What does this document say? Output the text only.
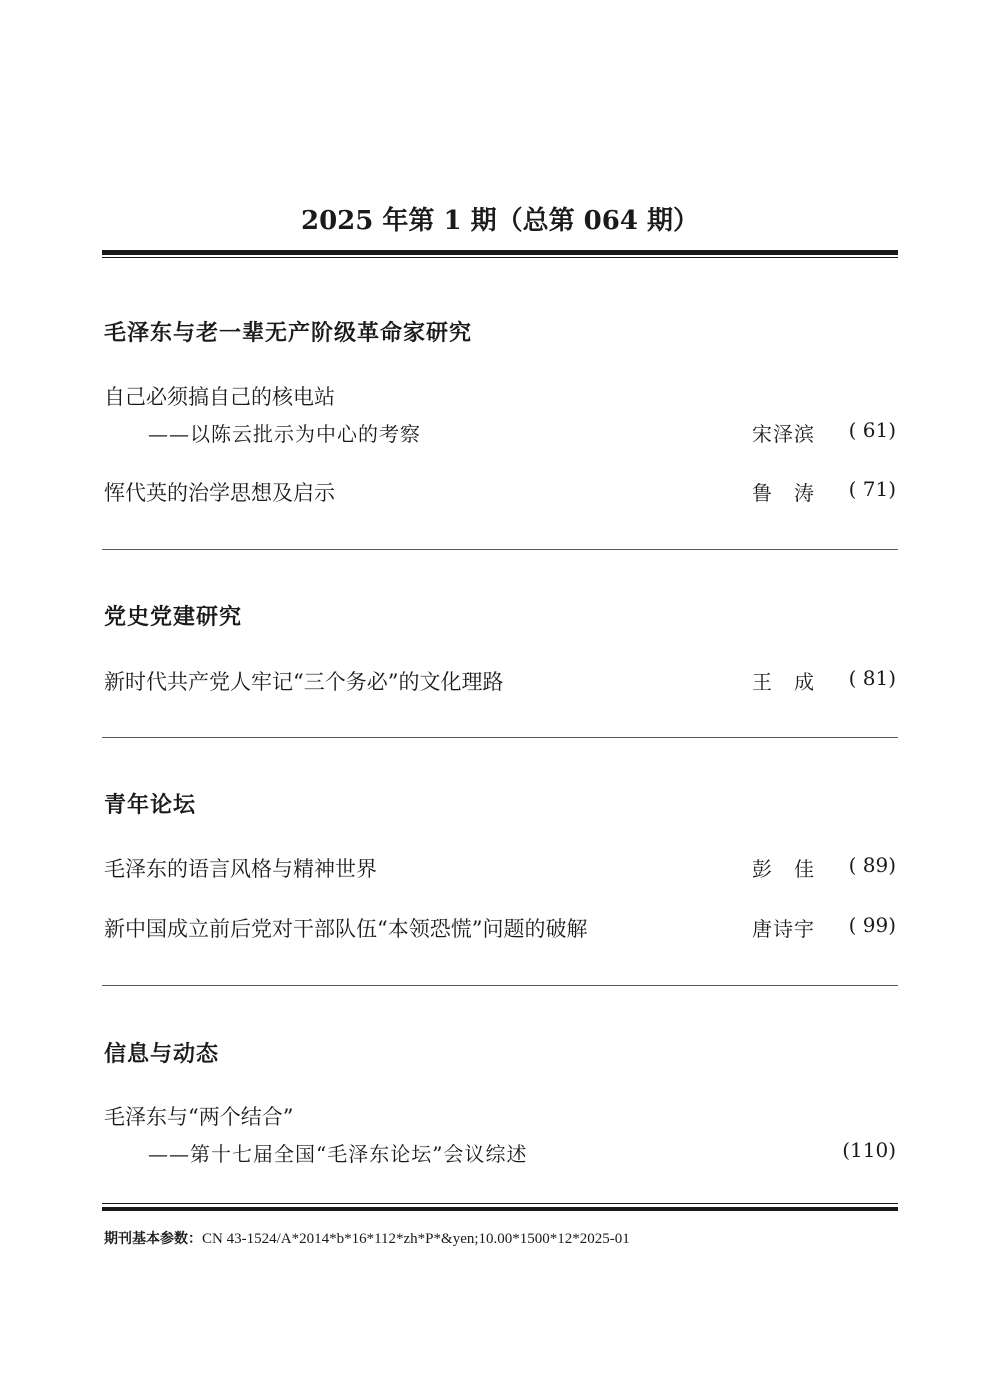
2025 年第 1 期（总第 064 期）
毛泽东与老一辈无产阶级革命家研究
自己必须搞自己的核电站
——以陈云批示为中心的考察	宋泽滨 ( 61)
恽代英的治学思想及启示	鲁　涛 ( 71)
党史党建研究
新时代共产党人牢记“三个务必”的文化理路	王　成 ( 81)
青年论坛
毛泽东的语言风格与精神世界	彭　佳 ( 89)
新中国成立前后党对干部队伍“本领恐慌”问题的破解	唐诗宇 ( 99)
信息与动态
毛泽东与“两个结合”
——第十七届全国“毛泽东论坛”会议综述	(110)
期刊基本参数：CN 43-1524/A*2014*b*16*112*zh*P*&yen;10.00*1500*12*2025-01
